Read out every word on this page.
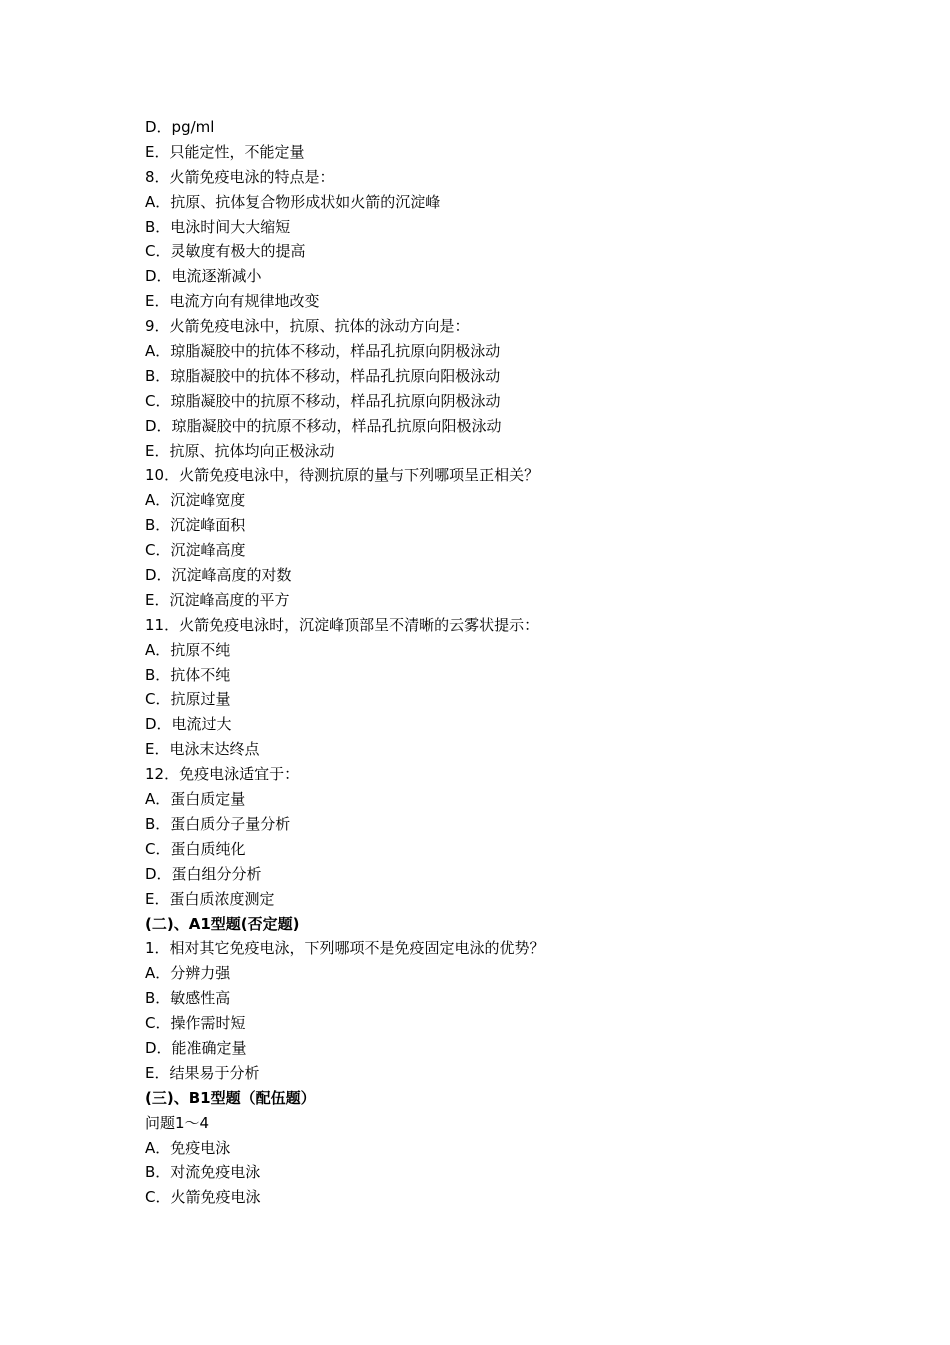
D．pg/ml
E．只能定性，不能定量
8．火箭免疫电泳的特点是：
A．抗原、抗体复合物形成状如火箭的沉淀峰
B．电泳时间大大缩短
C．灵敏度有极大的提高
D．电流逐渐减小
E．电流方向有规律地改变
9．火箭免疫电泳中，抗原、抗体的泳动方向是：
A．琼脂凝胶中的抗体不移动，样品孔抗原向阴极泳动
B．琼脂凝胶中的抗体不移动，样品孔抗原向阳极泳动
C．琼脂凝胶中的抗原不移动，样品孔抗原向阴极泳动
D．琼脂凝胶中的抗原不移动，样品孔抗原向阳极泳动
E．抗原、抗体均向正极泳动
10．火箭免疫电泳中，待测抗原的量与下列哪项呈正相关？
A．沉淀峰宽度
B．沉淀峰面积
C．沉淀峰高度
D．沉淀峰高度的对数
E．沉淀峰高度的平方
11．火箭免疫电泳时，沉淀峰顶部呈不清晰的云雾状提示：
A．抗原不纯
B．抗体不纯
C．抗原过量
D．电流过大
E．电泳末达终点
12．免疫电泳适宜于：
A．蛋白质定量
B．蛋白质分子量分析
C．蛋白质纯化
D．蛋白组分分析
E．蛋白质浓度测定
(二)、A1型题(否定题)
1．相对其它免疫电泳，下列哪项不是免疫固定电泳的优势？
A．分辨力强
B．敏感性高
C．操作需时短
D．能准确定量
E．结果易于分析
(三)、B1型题（配伍题）
问题1～4
A．免疫电泳
B．对流免疫电泳
C．火箭免疫电泳
